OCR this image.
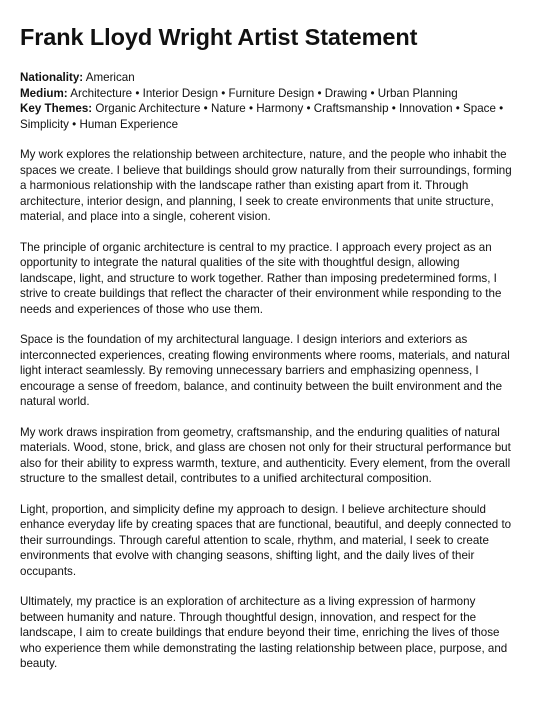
Frank Lloyd Wright Artist Statement
Nationality: American
Medium: Architecture • Interior Design • Furniture Design • Drawing • Urban Planning
Key Themes: Organic Architecture • Nature • Harmony • Craftsmanship • Innovation • Space • Simplicity • Human Experience

My work explores the relationship between architecture, nature, and the people who inhabit the spaces we create. I believe that buildings should grow naturally from their surroundings, forming a harmonious relationship with the landscape rather than existing apart from it. Through architecture, interior design, and planning, I seek to create environments that unite structure, material, and place into a single, coherent vision.

The principle of organic architecture is central to my practice. I approach every project as an opportunity to integrate the natural qualities of the site with thoughtful design, allowing landscape, light, and structure to work together. Rather than imposing predetermined forms, I strive to create buildings that reflect the character of their environment while responding to the needs and experiences of those who use them.

Space is the foundation of my architectural language. I design interiors and exteriors as interconnected experiences, creating flowing environments where rooms, materials, and natural light interact seamlessly. By removing unnecessary barriers and emphasizing openness, I encourage a sense of freedom, balance, and continuity between the built environment and the natural world.

My work draws inspiration from geometry, craftsmanship, and the enduring qualities of natural materials. Wood, stone, brick, and glass are chosen not only for their structural performance but also for their ability to express warmth, texture, and authenticity. Every element, from the overall structure to the smallest detail, contributes to a unified architectural composition.

Light, proportion, and simplicity define my approach to design. I believe architecture should enhance everyday life by creating spaces that are functional, beautiful, and deeply connected to their surroundings. Through careful attention to scale, rhythm, and material, I seek to create environments that evolve with changing seasons, shifting light, and the daily lives of their occupants.

Ultimately, my practice is an exploration of architecture as a living expression of harmony between humanity and nature. Through thoughtful design, innovation, and respect for the landscape, I aim to create buildings that endure beyond their time, enriching the lives of those who experience them while demonstrating the lasting relationship between place, purpose, and beauty.
